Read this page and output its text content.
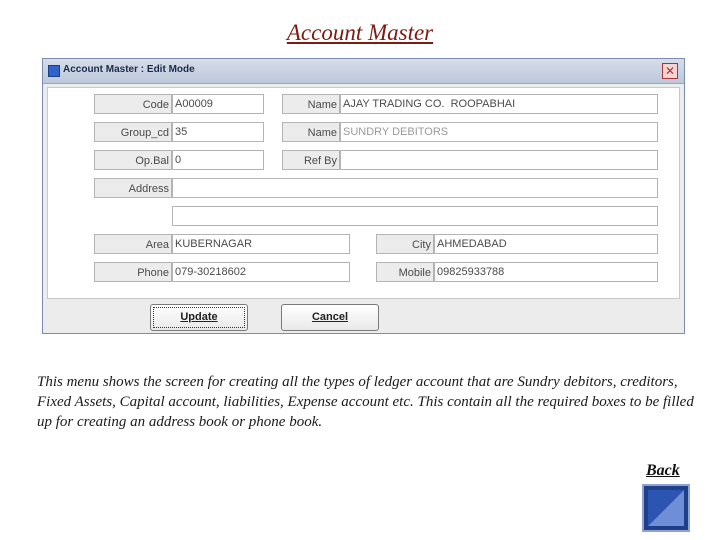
Account Master
Account Master : Edit Mode	✕
Code A00009	Name AJAY TRADING CO.  ROOPABHAI
Group_cd 35	Name SUNDRY DEBITORS
Op.Bal 0	Ref By
Address
Area KUBERNAGAR	City AHMEDABAD
Phone 079-30218602	Mobile 09825933788
Update	Cancel
This menu shows the screen for creating all the types of ledger account that are Sundry debitors, creditors, Fixed Assets, Capital account, liabilities, Expense account etc. This contain all the required boxes to be filled up for creating an address book or phone book.
Back
